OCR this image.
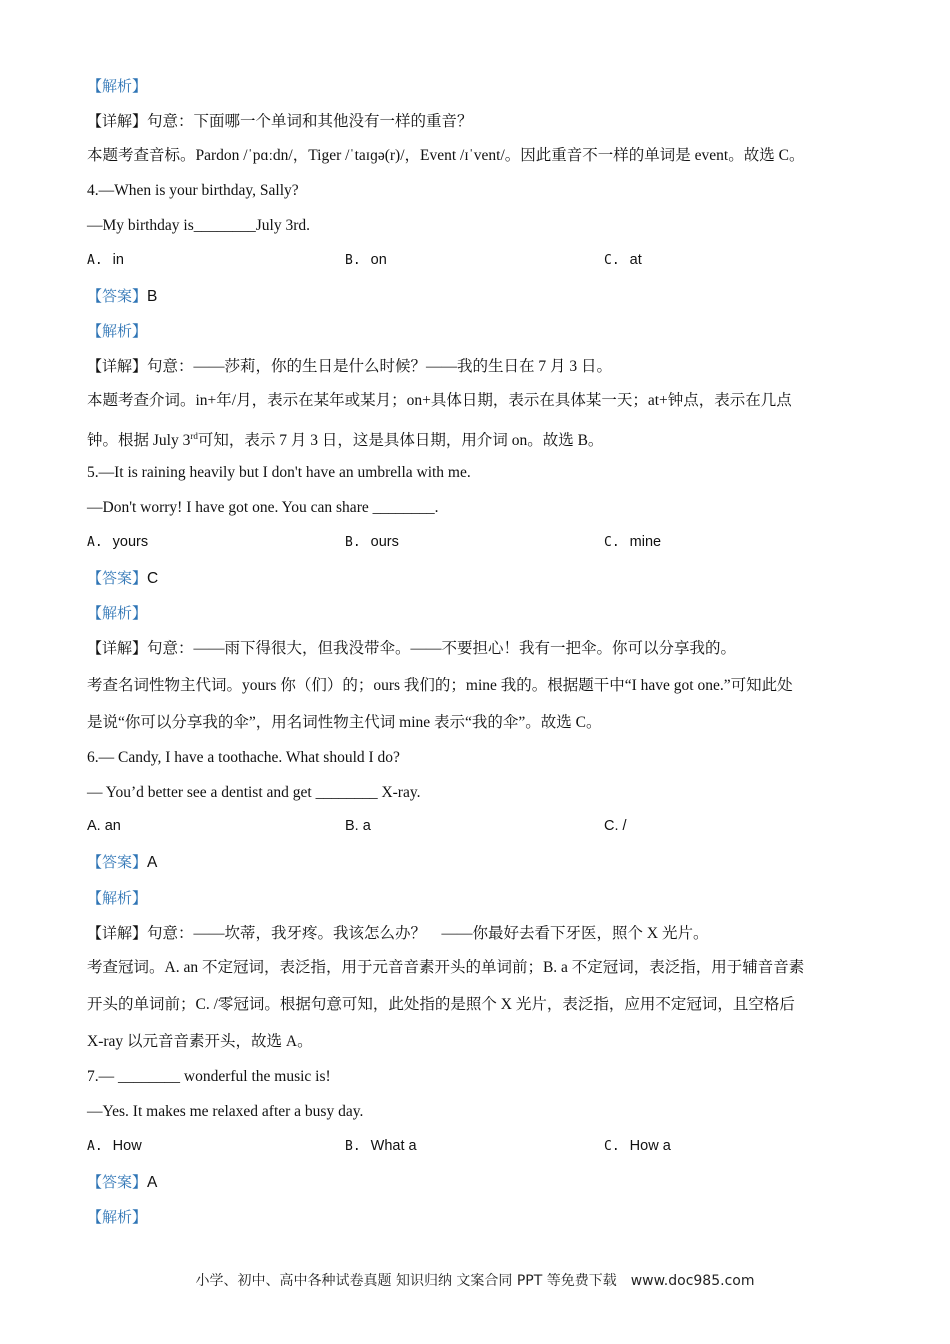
【解析】
【详解】句意：下面哪一个单词和其他没有一样的重音？
本题考查音标。Pardon /ˈpɑːdn/，Tiger /ˈtaɪɡə(r)/，Event /ɪˈvent/。因此重音不一样的单词是 event。故选 C。
4.—When is your birthday, Sally?
—My birthday is________July 3rd.
A. in	B. on	C. at
【答案】B
【解析】
【详解】句意：——莎莉，你的生日是什么时候？——我的生日在 7 月 3 日。
本题考查介词。in+年/月，表示在某年或某月；on+具体日期，表示在具体某一天；at+钟点，表示在几点
钟。根据 July 3rd可知，表示 7 月 3 日，这是具体日期，用介词 on。故选 B。
5.—It is raining heavily but I don't have an umbrella with me.
—Don't worry! I have got one. You can share ________.
A. yours	B. ours	C. mine
【答案】C
【解析】
【详解】句意：——雨下得很大，但我没带伞。——不要担心！我有一把伞。你可以分享我的。
考查名词性物主代词。yours 你（们）的；ours 我们的；mine 我的。根据题干中“I have got one.”可知此处
是说“你可以分享我的伞”，用名词性物主代词 mine 表示“我的伞”。故选 C。
6.— Candy, I have a toothache. What should I do?
— You’d better see a dentist and get ________ X-ray.
A. an	B. a	C. /
【答案】A
【解析】
【详解】句意：——坎蒂，我牙疼。我该怎么办？　——你最好去看下牙医，照个 X 光片。
考查冠词。A. an 不定冠词，表泛指，用于元音音素开头的单词前；B. a 不定冠词，表泛指，用于辅音音素
开头的单词前；C. /零冠词。根据句意可知，此处指的是照个 X 光片，表泛指，应用不定冠词，且空格后
X-ray 以元音音素开头，故选 A。
7.— ________ wonderful the music is!
—Yes. It makes me relaxed after a busy day.
A. How	B. What a	C. How a
【答案】A
【解析】
小学、初中、高中各种试卷真题 知识归纳 文案合同 PPT 等免费下载　www.doc985.com
